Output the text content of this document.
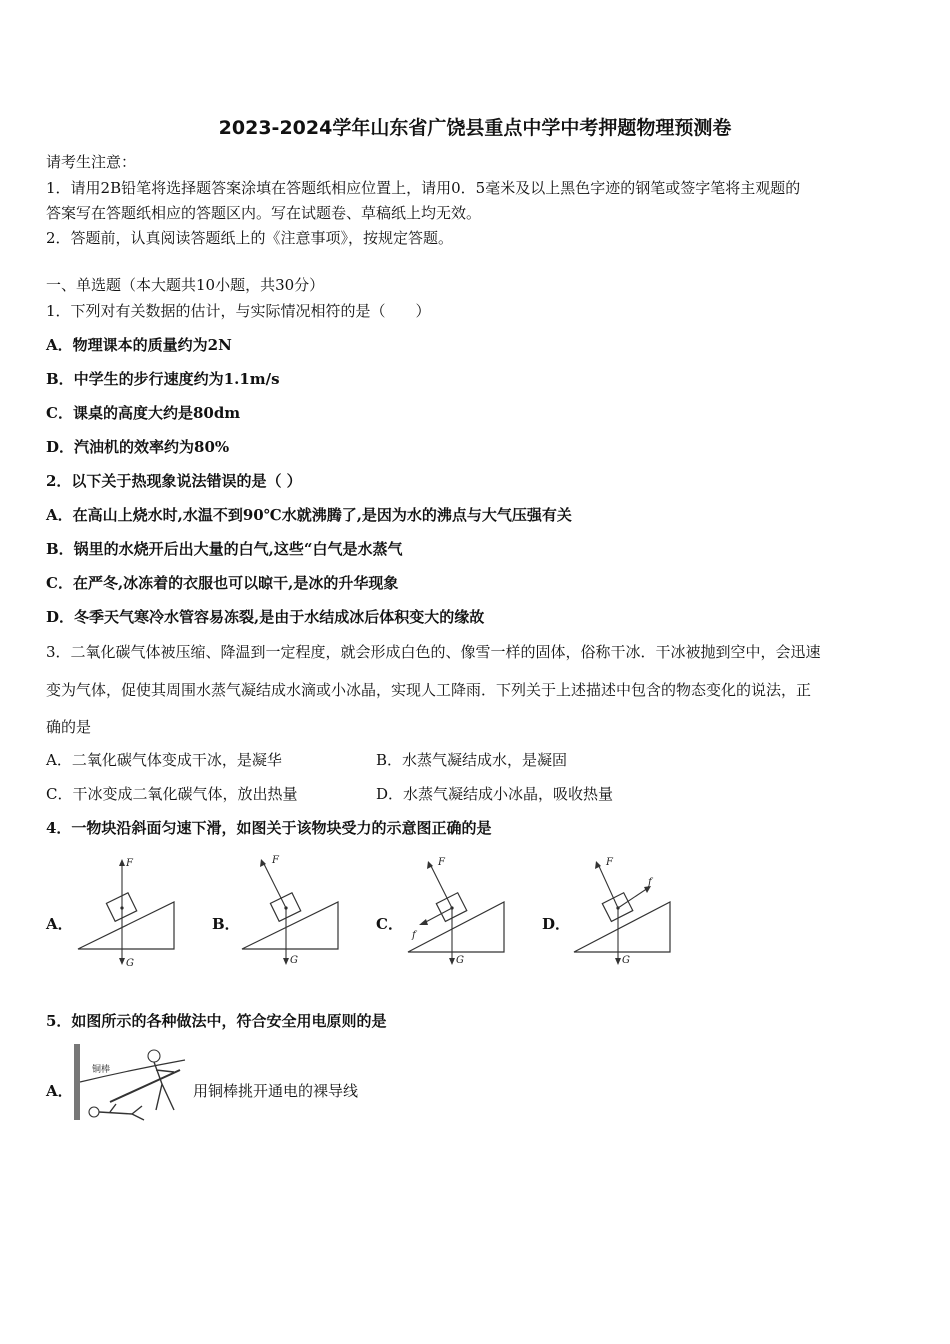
2023-2024学年山东省广饶县重点中学中考押题物理预测卷
请考生注意：
1．请用2B铅笔将选择题答案涂填在答题纸相应位置上，请用0．5毫米及以上黑色字迹的钢笔或签字笔将主观题的
答案写在答题纸相应的答题区内。写在试题卷、草稿纸上均无效。
2．答题前，认真阅读答题纸上的《注意事项》，按规定答题。
一、单选题（本大题共10小题，共30分）
1．下列对有关数据的估计，与实际情况相符的是（　　）
A．物理课本的质量约为2N
B．中学生的步行速度约为1.1m/s
C．课桌的高度大约是80dm
D．汽油机的效率约为80%
2．以下关于热现象说法错误的是（ ）
A．在高山上烧水时,水温不到90℃水就沸腾了,是因为水的沸点与大气压强有关
B．锅里的水烧开后出大量的白气,这些“白气是水蒸气
C．在严冬,冰冻着的衣服也可以晾干,是冰的升华现象
D．冬季天气寒冷水管容易冻裂,是由于水结成冰后体积变大的缘故
3．二氧化碳气体被压缩、降温到一定程度，就会形成白色的、像雪一样的固体，俗称干冰．干冰被抛到空中，会迅速
变为气体，促使其周围水蒸气凝结成水滴或小冰晶，实现人工降雨．下列关于上述描述中包含的物态变化的说法，正
确的是
A．二氧化碳气体变成干冰，是凝华	B．水蒸气凝结成水，是凝固
C．干冰变成二氧化碳气体，放出热量	D．水蒸气凝结成小冰晶，吸收热量
4．一物块沿斜面匀速下滑，如图关于该物块受力的示意图正确的是
A．	B．	C．	D．
F
G
F
G
F
f
G
F
f
G
5．如图所示的各种做法中，符合安全用电原则的是
A．
铜棒
用铜棒挑开通电的裸导线
